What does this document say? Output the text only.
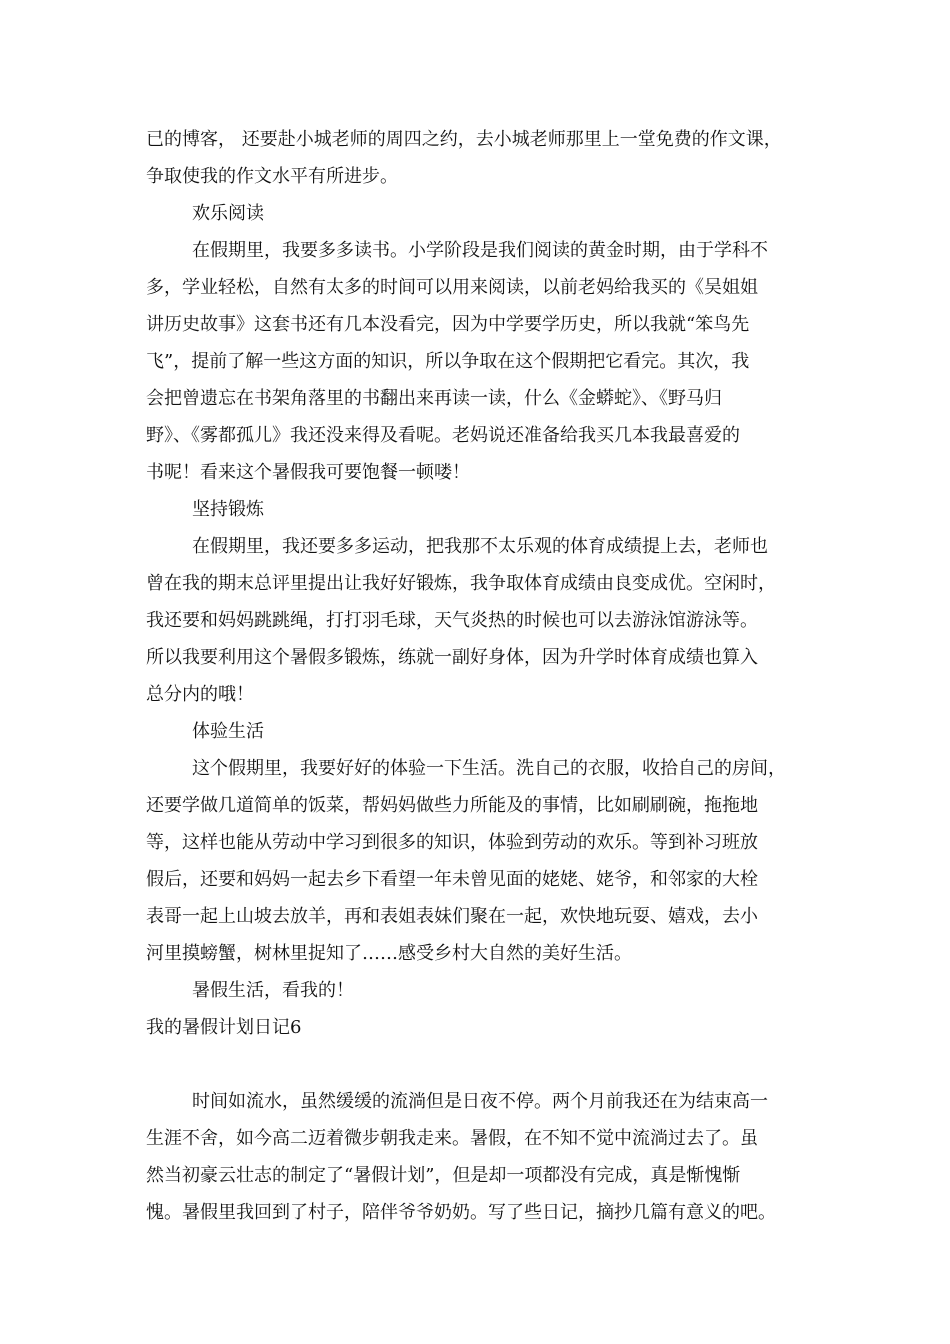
已的博客， 还要赴小城老师的周四之约，去小城老师那里上一堂免费的作文课，
争取使我的作文水平有所进步。
欢乐阅读
在假期里，我要多多读书。小学阶段是我们阅读的黄金时期，由于学科不
多，学业轻松，自然有太多的时间可以用来阅读，以前老妈给我买的《吴姐姐
讲历史故事》这套书还有几本没看完，因为中学要学历史，所以我就“笨鸟先
飞”，提前了解一些这方面的知识，所以争取在这个假期把它看完。其次，我
会把曾遗忘在书架角落里的书翻出来再读一读，什么《金蟒蛇》、《野马归
野》、《雾都孤儿》我还没来得及看呢。老妈说还准备给我买几本我最喜爱的
书呢！看来这个暑假我可要饱餐一顿喽！
坚持锻炼
在假期里，我还要多多运动，把我那不太乐观的体育成绩提上去，老师也
曾在我的期末总评里提出让我好好锻炼，我争取体育成绩由良变成优。空闲时，
我还要和妈妈跳跳绳，打打羽毛球，天气炎热的时候也可以去游泳馆游泳等。
所以我要利用这个暑假多锻炼，练就一副好身体，因为升学时体育成绩也算入
总分内的哦！
体验生活
这个假期里，我要好好的体验一下生活。洗自己的衣服，收拾自己的房间，
还要学做几道简单的饭菜，帮妈妈做些力所能及的事情，比如刷刷碗，拖拖地
等，这样也能从劳动中学习到很多的知识，体验到劳动的欢乐。等到补习班放
假后，还要和妈妈一起去乡下看望一年未曾见面的姥姥、姥爷，和邻家的大栓
表哥一起上山坡去放羊，再和表姐表妹们聚在一起，欢快地玩耍、嬉戏，去小
河里摸螃蟹，树林里捉知了……感受乡村大自然的美好生活。
暑假生活，看我的！
我的暑假计划日记6
时间如流水，虽然缓缓的流淌但是日夜不停。两个月前我还在为结束高一
生涯不舍，如今高二迈着微步朝我走来。暑假，在不知不觉中流淌过去了。虽
然当初豪云壮志的制定了“暑假计划”，但是却一项都没有完成，真是惭愧惭
愧。暑假里我回到了村子，陪伴爷爷奶奶。写了些日记，摘抄几篇有意义的吧。
